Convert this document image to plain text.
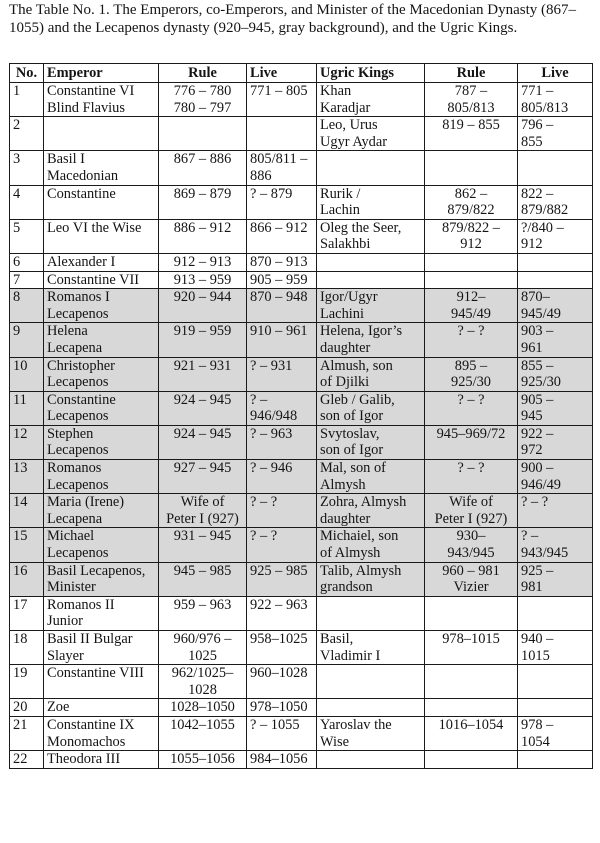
The Table No. 1. The Emperors, co-Emperors, and Minister of the Macedonian Dynasty (867–1055) and the Lecapenos dynasty (920–945, gray background), and the Ugric Kings.

No.	Emperor	Rule	Live	Ugric Kings	Rule	Live
1	Constantine VI
Blind Flavius	776 – 780
780 – 797	771 – 805	Khan
Karadjar	787 –
805/813	771 –
805/813

2				Leo, Urus
Ugyr Aydar	819 – 855	796 –
855

3	Basil I
Macedonian	867 – 886	805/811 –
886			

4	Constantine	869 – 879	? – 879	Rurik /
Lachin	862 –
879/822	822 –
879/882

5	Leo VI the Wise	886 – 912	866 – 912	Oleg the Seer,
Salakhbi	879/822 –
912	?/840 –
912

6	Alexander I	912 – 913	870 – 913			

7	Constantine VII	913 – 959	905 – 959			

8	Romanos I
Lecapenos	920 – 944	870 – 948	Igor/Ugyr
Lachini	912–
945/49	870–
945/49

9	Helena
Lecapena	919 – 959	910 – 961	Helena, Igor’s
daughter	? – ?	903 –
961

10	Christopher
Lecapenos	921 – 931	? – 931	Almush, son
of Djilki	895 –
925/30	855 –
925/30

11	Constantine
Lecapenos	924 – 945	? –
946/948	Gleb / Galib,
son of Igor	? – ?	905 –
945

12	Stephen
Lecapenos	924 – 945	? – 963	Svytoslav,
son of Igor	945–969/72	922 –
972

13	Romanos
Lecapenos	927 – 945	? – 946	Mal, son of
Almysh	? – ?	900 –
946/49

14	Maria (Irene)
Lecapena	Wife of
Peter I (927)	? – ?	Zohra, Almysh
daughter	Wife of
Peter I (927)	? – ?

15	Michael
Lecapenos	931 – 945	? – ?	Michaiel, son
of Almysh	930–
943/945	? –
943/945

16	Basil Lecapenos,
Minister	945 – 985	925 – 985	Talib, Almysh
grandson	960 – 981
Vizier	925 –
981

17	Romanos II
Junior	959 – 963	922 – 963			

18	Basil II Bulgar
Slayer	960/976 –
1025	958–1025	Basil,
Vladimir I	978–1015	940 –
1015

19	Constantine VIII	962/1025–
1028	960–1028			

20	Zoe	1028–1050	978–1050			

21	Constantine IX
Monomachos	1042–1055	? – 1055	Yaroslav the
Wise	1016–1054	978 –
1054

22	Theodora III	1055–1056	984–1056			
